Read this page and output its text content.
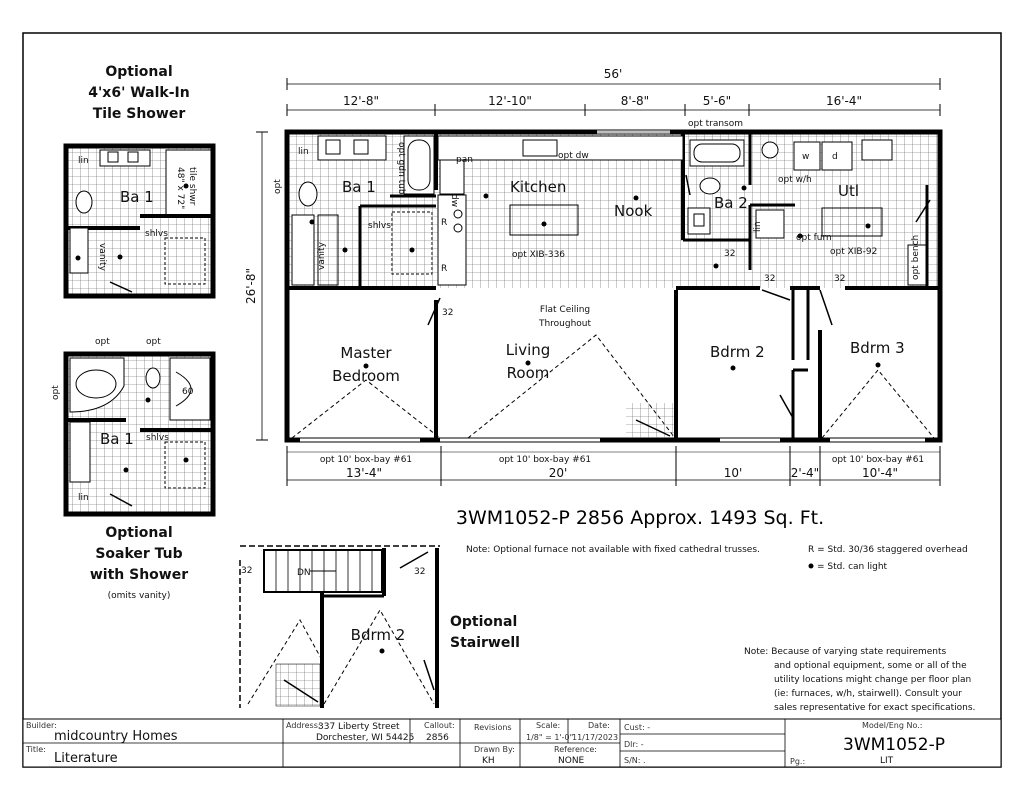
Optional
4'x6' Walk-In
Tile Shower
lin
Ba 1 48" x 72" tile shwr
vanity
shlvs
opt	opt
opt	60
Ba 1 shlvs
lin
Optional
Soaker Tub
with Shower
(omits vanity)
56'
12'-8"	12'-10"	8'-8"	5'-6"	16'-4"
26'-8"
opt	Ba 1	Kitchen
Nook	Ba 2
Utl
Master
Bedroom
Living
Room
Bdrm 2	Bdrm 3
lin	opt gdn tub	pan	opt dw
opt transom
vanity
shlvs
opt XIB-336	opt XIB-92
dw
R
R
w	d
opt w/h
opt furn
lin
opt bench
32
32
32	32
Flat Ceiling
Throughout
opt 10' box-bay #61	opt 10' box-bay #61	opt 10' box-bay #61
13'-4"	20'	10'	2'-4"	10'-4"
3WM1052-P 2856 Approx. 1493 Sq. Ft.
Note: Optional furnace not available with fixed cathedral trusses.	R = Std. 30/36 staggered overhead
= Std. can light
Note: Because of varying state requirements
and optional equipment, some or all of the
utility locations might change per floor plan
(ie: furnaces, w/h, stairwell). Consult your
sales representative for exact specifications.
DN
32	32
Bdrm 2
Optional
Stairwell
Builder:
midcountry Homes
Title:
Literature
Address:
337 Liberty Street
Dorchester, WI 54425
Callout:
2856
Revisions	Scale:
1/8" = 1'-0"
Date:
11/17/2023
Drawn By:
KH
Reference:
NONE
Cust: -
Dlr: -
S/N: .
Model/Eng No.:
3WM1052-P
Pg.:	LIT
